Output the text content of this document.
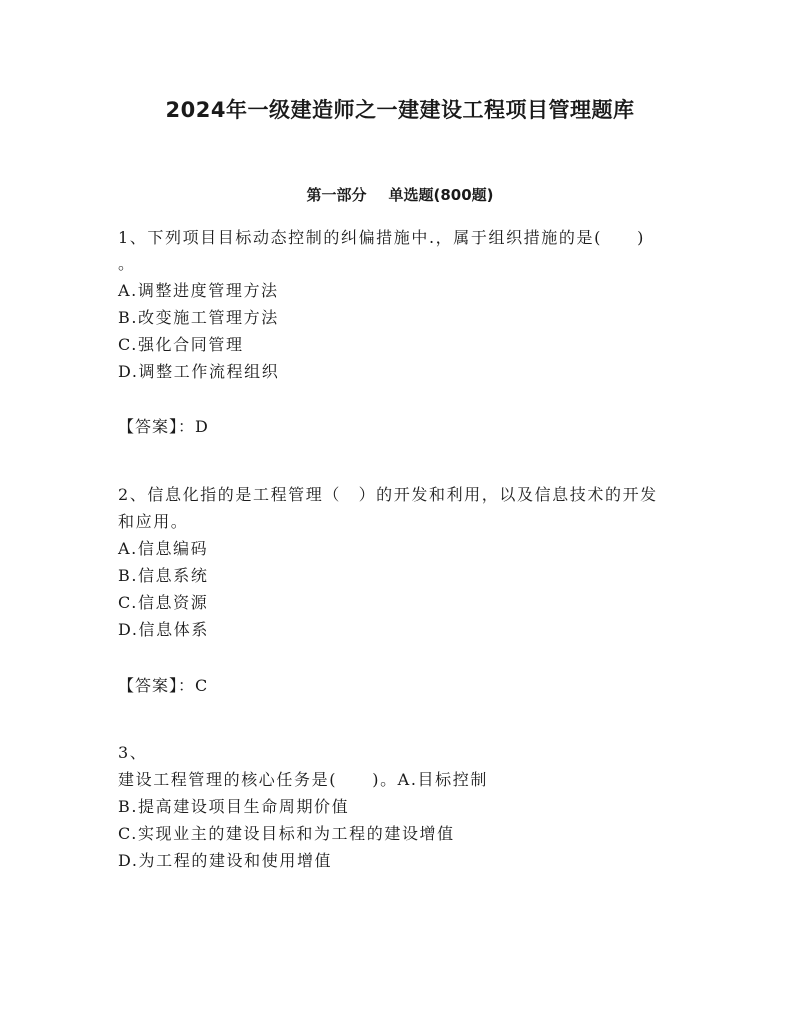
2024年一级建造师之一建建设工程项目管理题库
第一部分 单选题(800题)
1、下列项目目标动态控制的纠偏措施中.，属于组织措施的是(　　)
。
A.调整进度管理方法
B.改变施工管理方法
C.强化合同管理
D.调整工作流程组织
【答案】：D
2、信息化指的是工程管理（　）的开发和利用，以及信息技术的开发
和应用。
A.信息编码
B.信息系统
C.信息资源
D.信息体系
【答案】：C
3、
建设工程管理的核心任务是(　　)。A.目标控制
B.提高建设项目生命周期价值
C.实现业主的建设目标和为工程的建设增值
D.为工程的建设和使用增值
